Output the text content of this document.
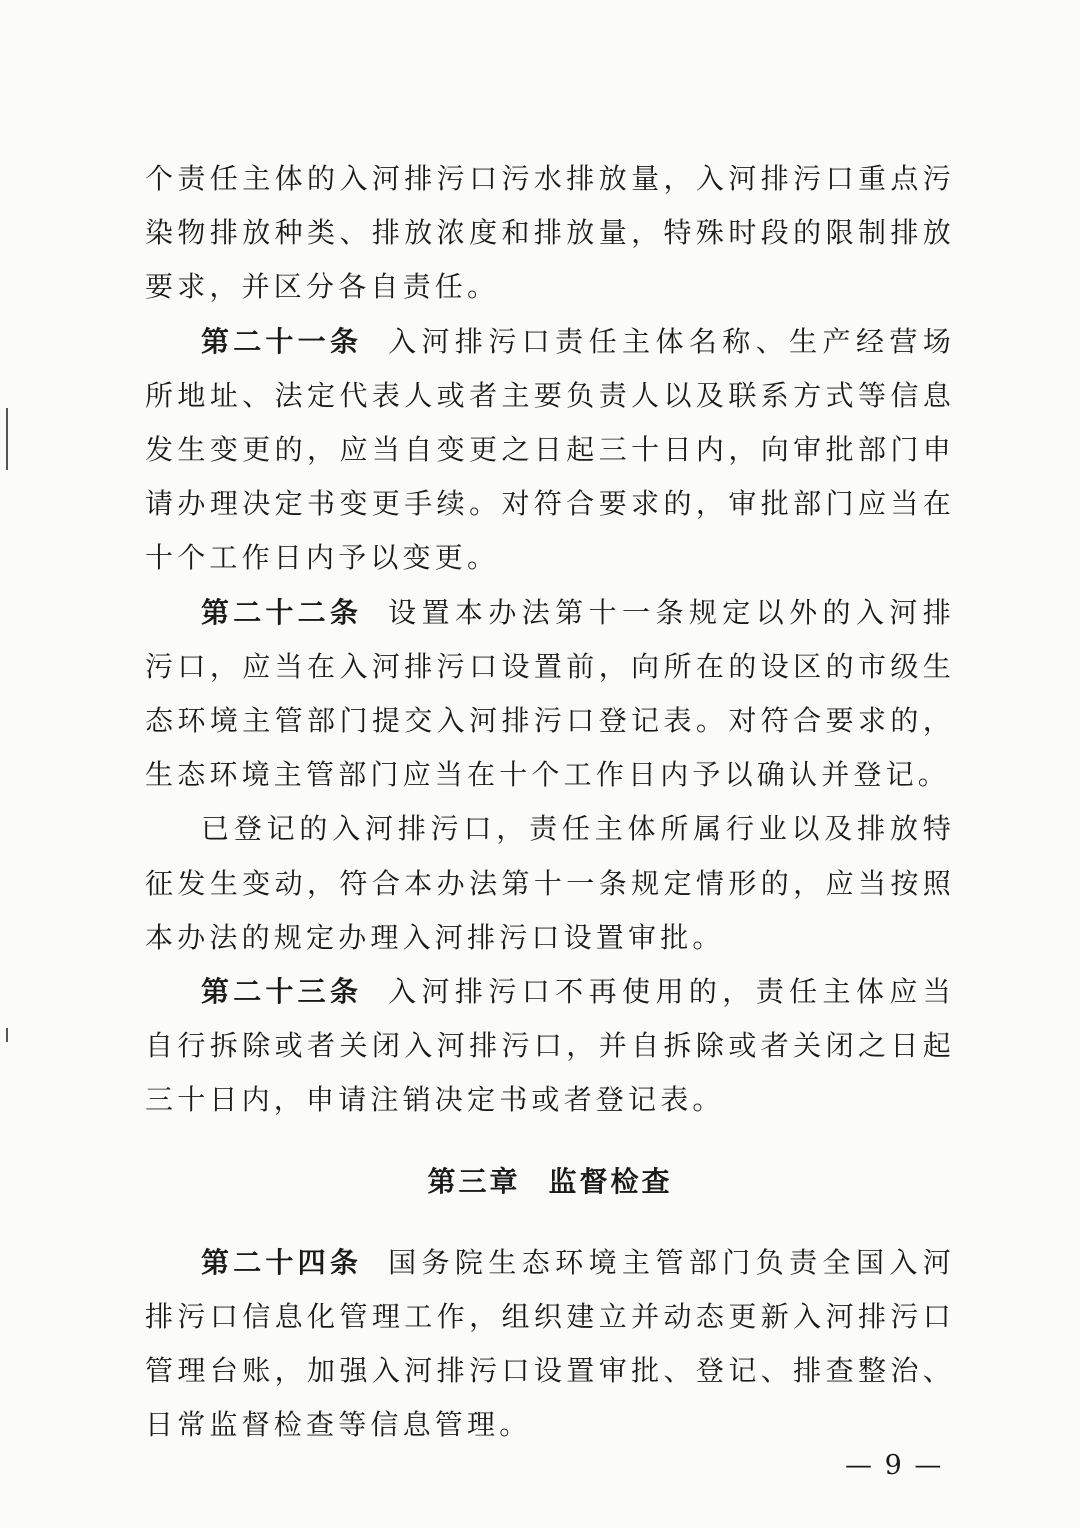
个责任主体的入河排污口污水排放量，入河排污口重点污染物排放种类、排放浓度和排放量，特殊时段的限制排放要求，并区分各自责任。

第二十一条 入河排污口责任主体名称、生产经营场所地址、法定代表人或者主要负责人以及联系方式等信息发生变更的，应当自变更之日起三十日内，向审批部门申请办理决定书变更手续。对符合要求的，审批部门应当在十个工作日内予以变更。

第二十二条 设置本办法第十一条规定以外的入河排污口，应当在入河排污口设置前，向所在的设区的市级生态环境主管部门提交入河排污口登记表。对符合要求的，生态环境主管部门应当在十个工作日内予以确认并登记。

已登记的入河排污口，责任主体所属行业以及排放特征发生变动，符合本办法第十一条规定情形的，应当按照本办法的规定办理入河排污口设置审批。

第二十三条 入河排污口不再使用的，责任主体应当自行拆除或者关闭入河排污口，并自拆除或者关闭之日起三十日内，申请注销决定书或者登记表。

第三章 监督检查

第二十四条 国务院生态环境主管部门负责全国入河排污口信息化管理工作，组织建立并动态更新入河排污口管理台账，加强入河排污口设置审批、登记、排查整治、日常监督检查等信息管理。

— 9 —
